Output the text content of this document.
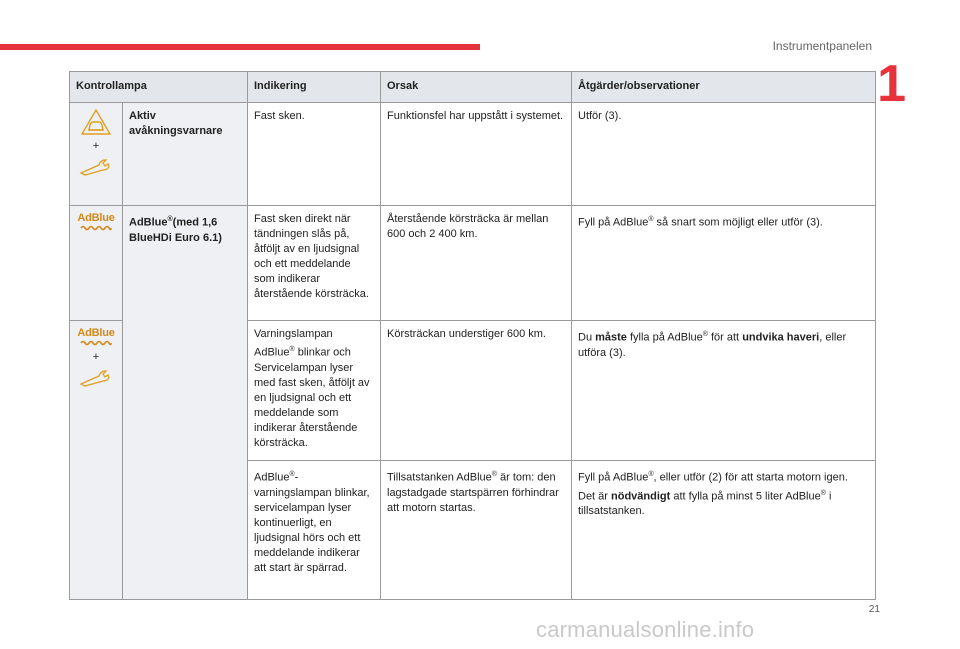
Instrumentpanelen
1
Kontrollampa		Indikering	Orsak	Åtgärder/observationer

+	Aktiv avåkningsvarnare	Fast sken.	Funktionsfel har uppstått i systemet.	Utför (3).

AdBlue	AdBlue®(med 1,6 BlueHDi Euro 6.1)	Fast sken direkt när tändningen slås på, åtföljt av en ljudsignal och ett meddelande som indikerar återstående körsträcka.	Återstående körsträcka är mellan 600 och 2 400 km.	Fyll på AdBlue® så snart som möjligt eller utför (3).

AdBlue
+		Varningslampan AdBlue® blinkar och Servicelampan lyser med fast sken, åtföljt av en ljudsignal och ett meddelande som indikerar återstående körsträcka.	Körsträckan understiger 600 km.	Du måste fylla på AdBlue® för att undvika haveri, eller utföra (3).
		AdBlue®-varningslampan blinkar, servicelampan lyser kontinuerligt, en ljudsignal hörs och ett meddelande indikerar att start är spärrad.	Tillsatstanken AdBlue® är tom: den lagstadgade startspärren förhindrar att motorn startas.	Fyll på AdBlue®, eller utför (2) för att starta motorn igen.
Det är nödvändigt att fylla på minst 5 liter AdBlue® i tillsatstanken.
21
carmanualsonline.info
